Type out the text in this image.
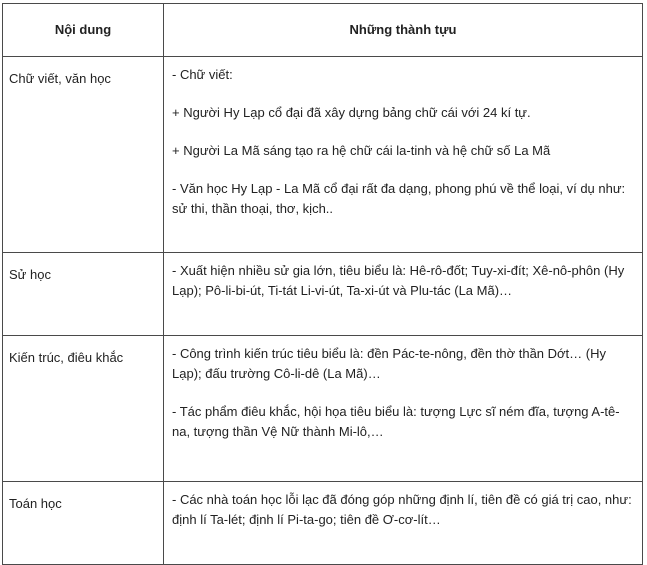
Nội dung	Những thành tựu
Chữ viết, văn học	- Chữ viết:

+ Người Hy Lạp cổ đại đã xây dựng bảng chữ cái với 24 kí tự.

+ Người La Mã sáng tạo ra hệ chữ cái la-tinh và hệ chữ số La Mã

- Văn học Hy Lạp - La Mã cổ đại rất đa dạng, phong phú về thể loại, ví dụ như: sử thi, thần thoại, thơ, kịch..

Sử học	- Xuất hiện nhiều sử gia lớn, tiêu biểu là: Hê-rô-đốt; Tuy-xi-đít; Xê-nô-phôn (Hy Lạp); Pô-li-bi-út, Ti-tát Li-vi-út, Ta-xi-út và Plu-tác (La Mã)…

Kiến trúc, điêu khắc	- Công trình kiến trúc tiêu biểu là: đền Pác-te-nông, đền thờ thần Dớt… (Hy Lạp); đấu trường Cô-li-dê (La Mã)…

- Tác phẩm điêu khắc, hội họa tiêu biểu là: tượng Lực sĩ ném đĩa, tượng A-tê-na, tượng thần Vệ Nữ thành Mi-lô,…

Toán học	- Các nhà toán học lỗi lạc đã đóng góp những định lí, tiên đề có giá trị cao, như: định lí Ta-lét; định lí Pi-ta-go; tiên đề Ơ-cơ-lít…
